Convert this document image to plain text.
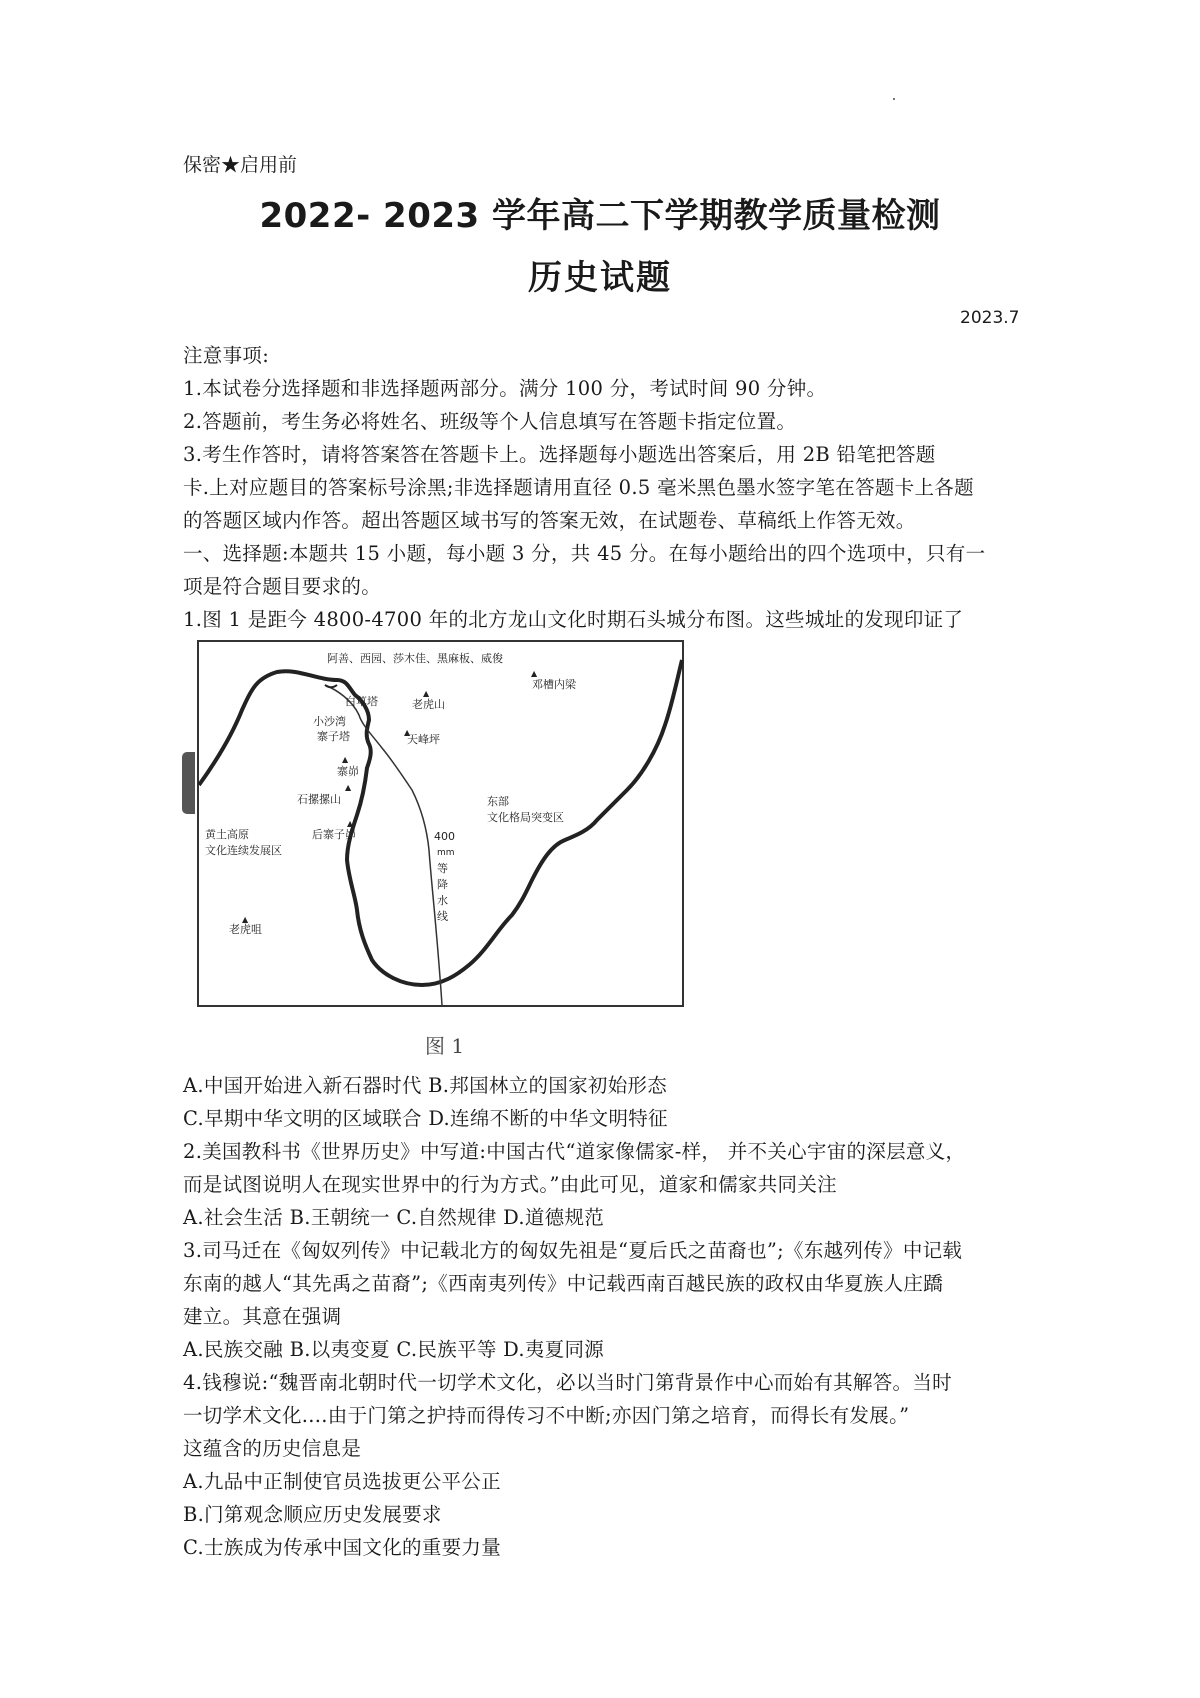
保密★启用前
2022- 2023 学年高二下学期教学质量检测
历史试题
2023.7
注意事项:
1.本试卷分选择题和非选择题两部分。满分 100 分，考试时间 90 分钟。
2.答题前，考生务必将姓名、班级等个人信息填写在答题卡指定位置。
3.考生作答时，请将答案答在答题卡上。选择题每小题选出答案后，用 2B 铅笔把答题
卡.上对应题目的答案标号涂黑;非选择题请用直径 0.5 毫米黑色墨水签字笔在答题卡上各题
的答题区域内作答。超出答题区域书写的答案无效，在试题卷、草稿纸上作答无效。
一、选择题:本题共 15 小题，每小题 3 分，共 45 分。在每小题给出的四个选项中，只有一
项是符合题目要求的。
1.图 1 是距今 4800-4700 年的北方龙山文化时期石头城分布图。这些城址的发现印证了
阿善、西园、莎木佳、黑麻板、威俊
邓槽内梁
白草塔	老虎山
小沙湾
寨子塔	天峰坪
寨峁
石摞摞山
后寨子峁
黄土高原
文化连续发展区
东部
文化格局突变区
400
mm
等
降
水
线
老虎咀
▲
▲
▲
▲
▲
▲
▲
图 1
A.中国开始进入新石器时代 B.邦国林立的国家初始形态
C.早期中华文明的区域联合 D.连绵不断的中华文明特征
2.美国教科书《世界历史》中写道:中国古代“道家像儒家-样， 并不关心宇宙的深层意义，
而是试图说明人在现实世界中的行为方式。”由此可见，道家和儒家共同关注
A.社会生活 B.王朝统一 C.自然规律 D.道德规范
3.司马迁在《匈奴列传》中记载北方的匈奴先祖是“夏后氏之苗裔也”;《东越列传》中记载
东南的越人“其先禹之苗裔”;《西南夷列传》中记载西南百越民族的政权由华夏族人庄蹻
建立。其意在强调
A.民族交融 B.以夷变夏 C.民族平等 D.夷夏同源
4.钱穆说:“魏晋南北朝时代一切学术文化，必以当时门第背景作中心而始有其解答。当时
一切学术文化....由于门第之护持而得传习不中断;亦因门第之培育，而得长有发展。”
这蕴含的历史信息是
A.九品中正制使官员选拔更公平公正
B.门第观念顺应历史发展要求
C.士族成为传承中国文化的重要力量
